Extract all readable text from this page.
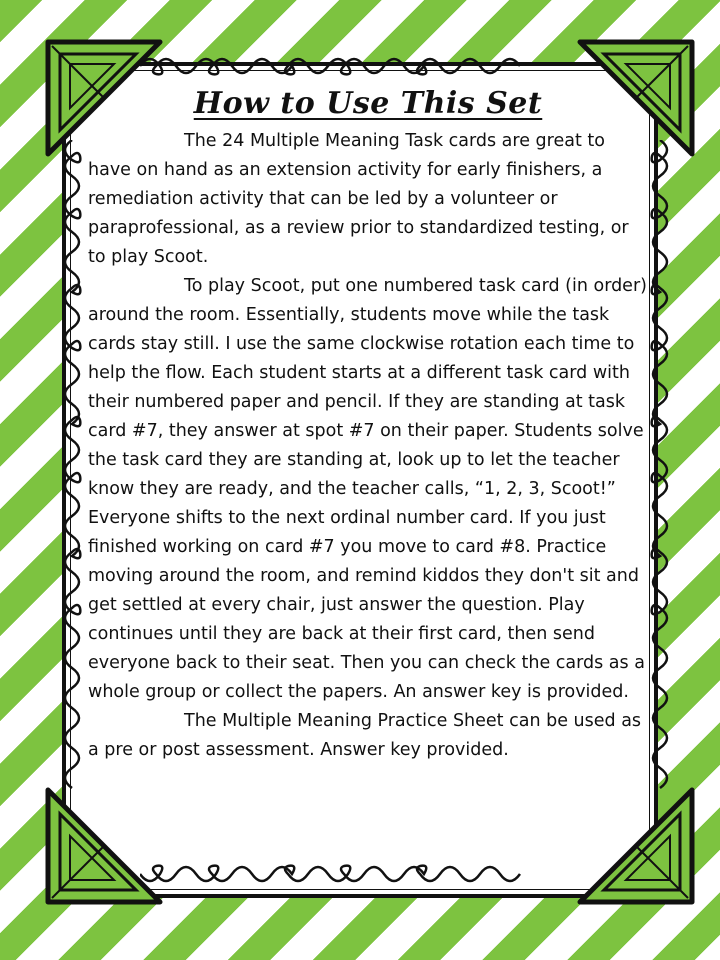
How to Use This Set

The 24 Multiple Meaning Task cards are great to have on hand as an extension activity for early finishers, a remediation activity that can be led by a volunteer or paraprofessional, as a review prior to standardized testing, or to play Scoot.

To play Scoot, put one numbered task card (in order) around the room. Essentially, students move while the task cards stay still. I use the same clockwise rotation each time to help the flow. Each student starts at a different task card with their numbered paper and pencil. If they are standing at task card #7, they answer at spot #7 on their paper. Students solve the task card they are standing at, look up to let the teacher know they are ready, and the teacher calls, “1, 2, 3, Scoot!” Everyone shifts to the next ordinal number card. If you just finished working on card #7 you move to card #8. Practice moving around the room, and remind kiddos they don't sit and get settled at every chair, just answer the question. Play continues until they are back at their first card, then send everyone back to their seat. Then you can check the cards as a whole group or collect the papers. An answer key is provided.

The Multiple Meaning Practice Sheet can be used as a pre or post assessment. Answer key provided.
